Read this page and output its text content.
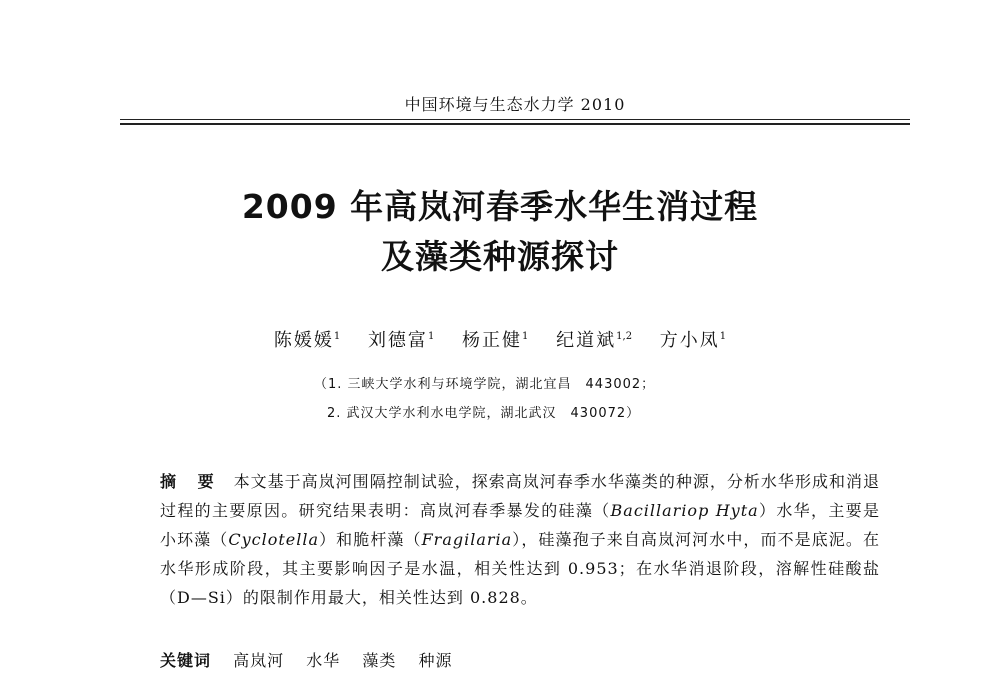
中国环境与生态水力学 2010
2009 年高岚河春季水华生消过程
及藻类种源探讨
陈媛媛$^1$ 刘德富$^1$ 杨正健$^1$ 纪道斌$^{1,2}$ 方小凤$^1$
（1. 三峡大学水利与环境学院，湖北宜昌　443002；
2. 武汉大学水利水电学院，湖北武汉　430072）
摘 要 本文基于高岚河围隔控制试验，探索高岚河春季水华藻类的种源，分析水华形成和消退过程的主要原因。研究结果表明：高岚河春季暴发的硅藻（Bacillariop Hyta）水华，主要是小环藻（Cyclotella）和脆杆藻（Fragilaria），硅藻孢子来自高岚河河水中，而不是底泥。在水华形成阶段，其主要影响因子是水温，相关性达到 0.953；在水华消退阶段，溶解性硅酸盐（D—Si）的限制作用最大，相关性达到 0.828。
关键词 高岚河 水华 藻类 种源
